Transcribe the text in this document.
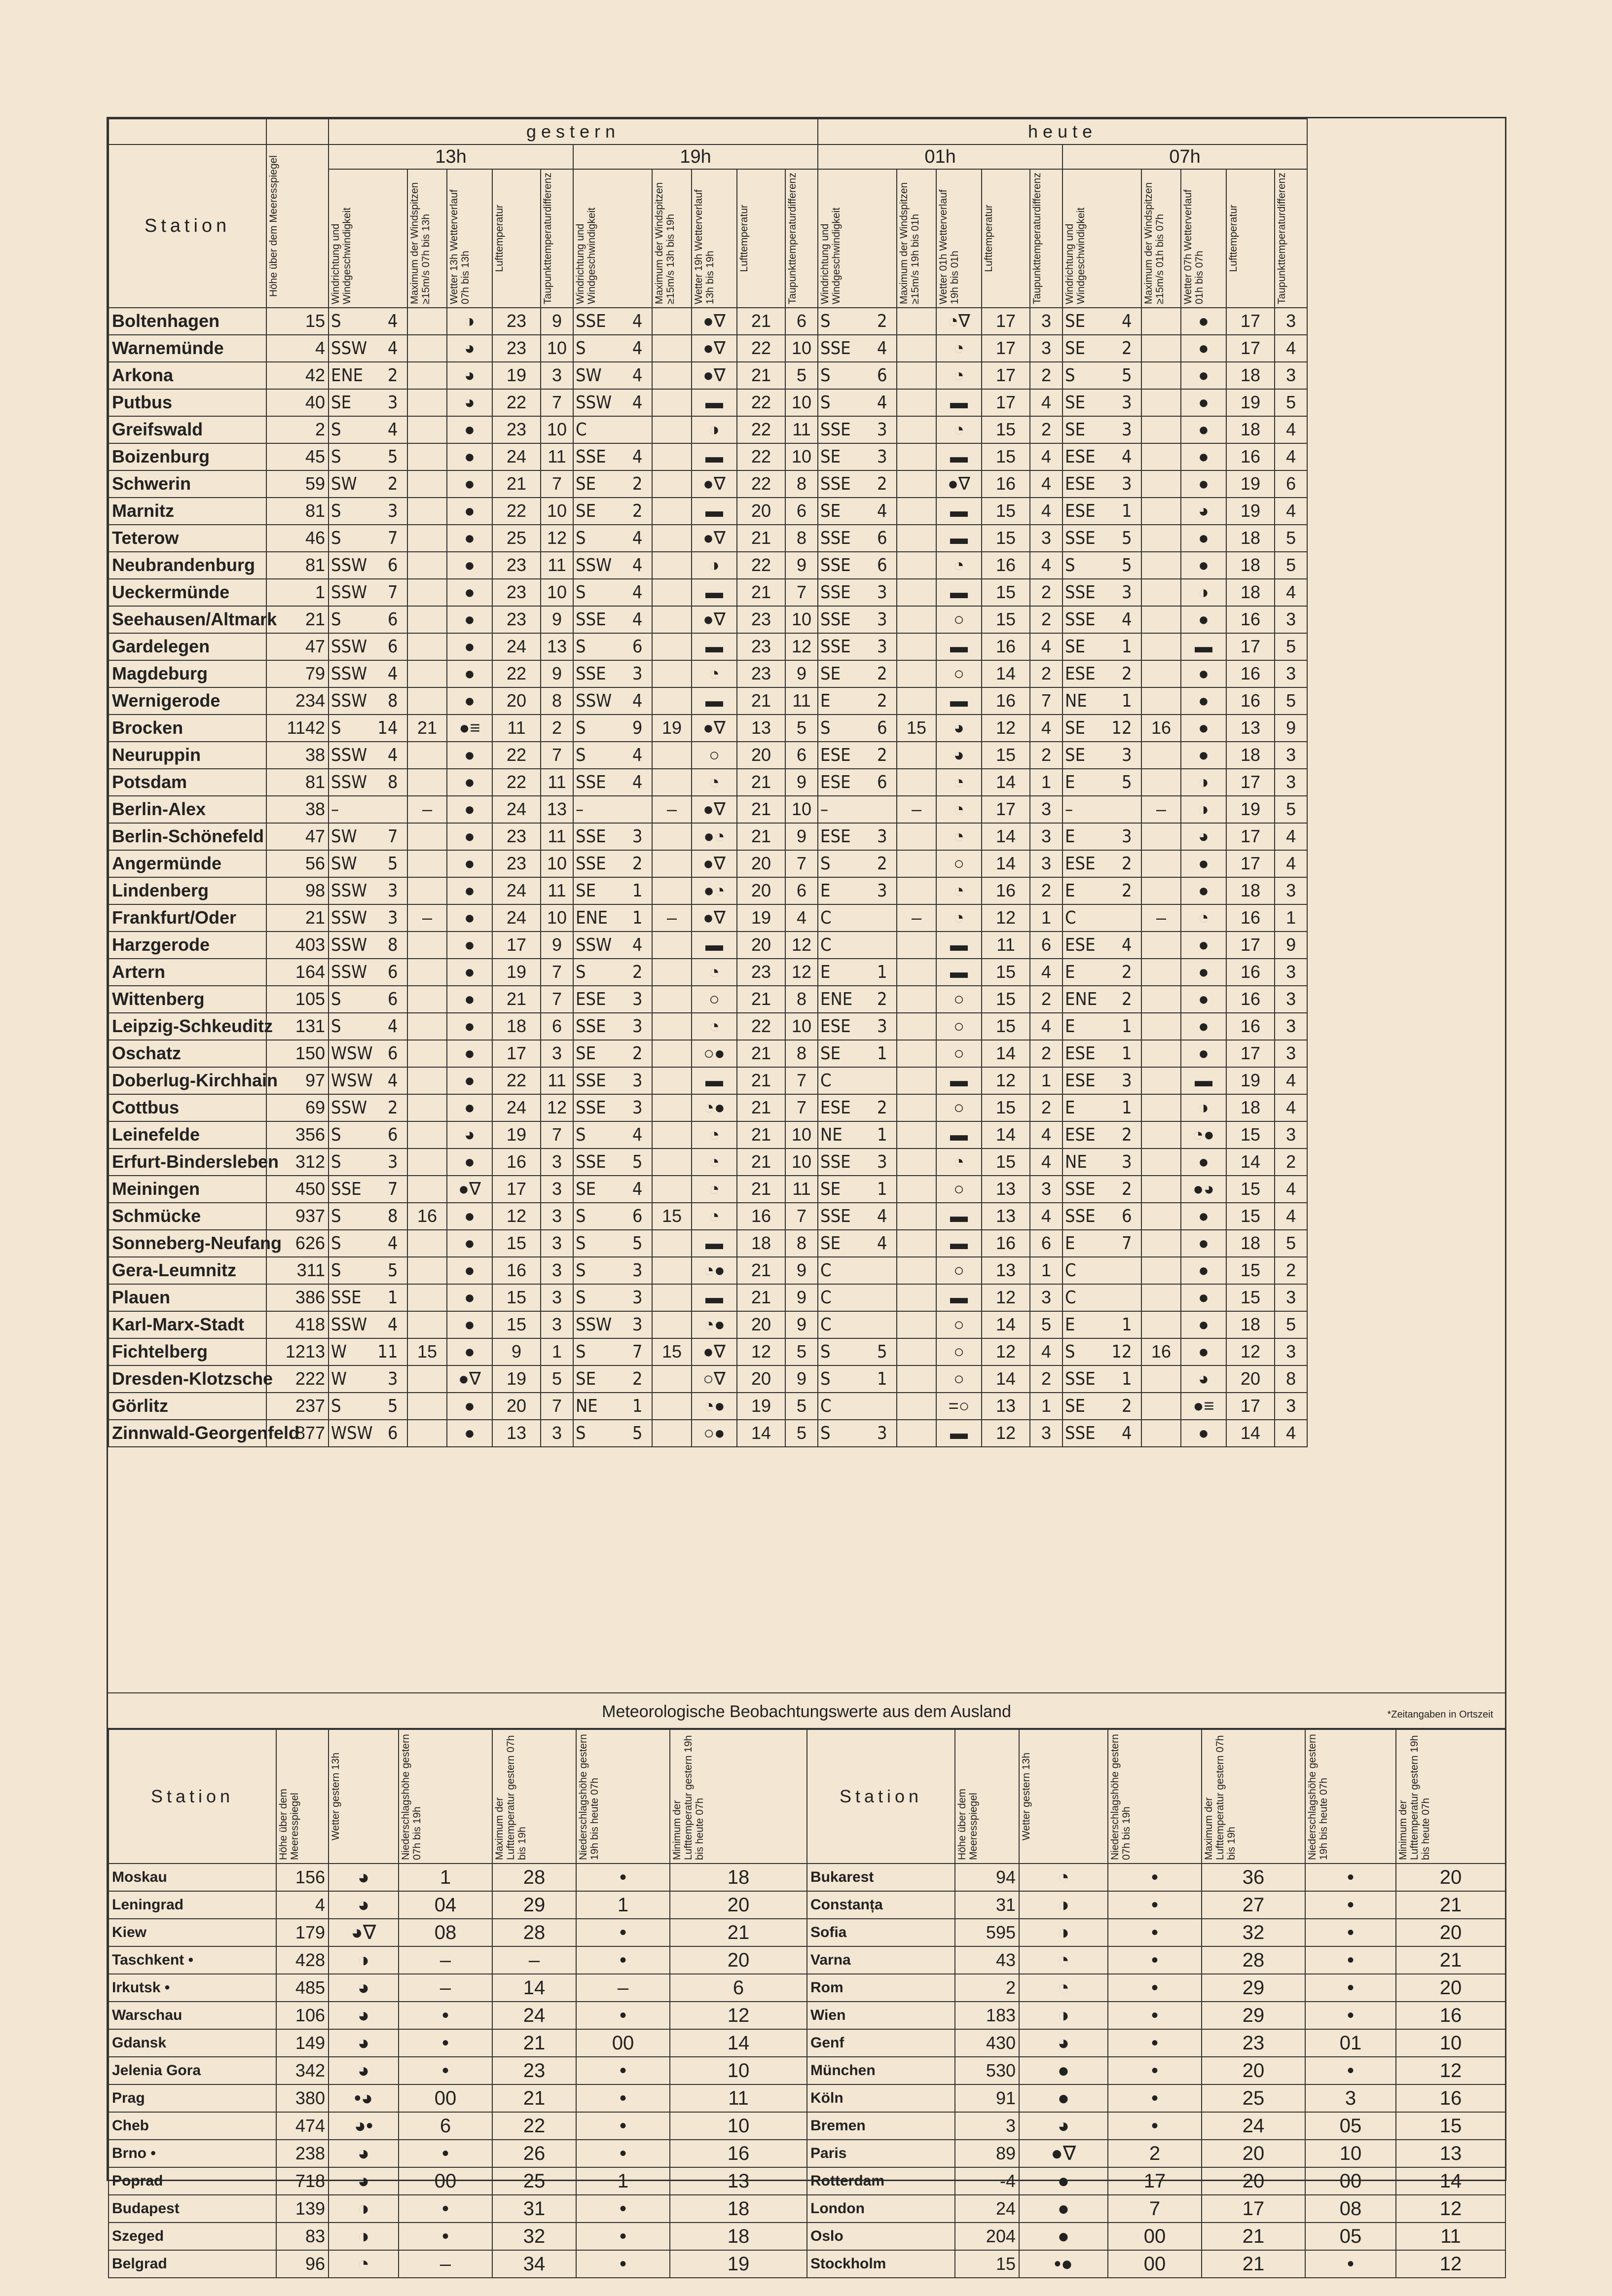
		gestern										heute									
Station	Höhe über dem Meeresspiegel	13h					19h					01h					07h				

		Windrichtung und Windgeschwindigkeit	Maximum der Windspitzen ≥15m/s 07h bis 13h	Wetter 13h Wetterverlauf 07h bis 13h	Lufttemperatur	Taupunkttemperaturdifferenz	Windrichtung und Windgeschwindigkeit	Maximum der Windspitzen ≥15m/s 13h bis 19h	Wetter 19h Wetterverlauf 13h bis 19h	Lufttemperatur	Taupunkttemperaturdifferenz	Windrichtung und Windgeschwindigkeit	Maximum der Windspitzen ≥15m/s 19h bis 01h	Wetter 01h Wetterverlauf 19h bis 01h	Lufttemperatur	Taupunkttemperaturdifferenz	Windrichtung und Windgeschwindigkeit	Maximum der Windspitzen ≥15m/s 01h bis 07h	Wetter 07h Wetterverlauf 01h bis 07h	Lufttemperatur	Taupunkttemperaturdifferenz

Boltenhagen	15	S 4		◑	23	9	SSE 4		●∇	21	6	S 2		◔∇	17	3	SE 4		●	17	3
Warnemünde	4	SSW 4		◕	23	10	S 4		●∇	22	10	SSE 4		◔	17	3	SE 2		●	17	4
Arkona	42	ENE 2		◕	19	3	SW 4		●∇	21	5	S 6		◔	17	2	S 5		●	18	3
Putbus	40	SE 3		◕	22	7	SSW 4		▬	22	10	S 4		▬	17	4	SE 3		●	19	5
Greifswald	2	S 4		●	23	10	C		◑	22	11	SSE 3		◔	15	2	SE 3		●	18	4
Boizenburg	45	S 5		●	24	11	SSE 4		▬	22	10	SE 3		▬	15	4	ESE 4		●	16	4
Schwerin	59	SW 2		●	21	7	SE 2		●∇	22	8	SSE 2		●∇	16	4	ESE 3		●	19	6
Marnitz	81	S 3		●	22	10	SE 2		▬	20	6	SE 4		▬	15	4	ESE 1		◕	19	4
Teterow	46	S 7		●	25	12	S 4		●∇	21	8	SSE 6		▬	15	3	SSE 5		●	18	5
Neubrandenburg	81	SSW 6		●	23	11	SSW 4		◑	22	9	SSE 6		◔	16	4	S 5		●	18	5
Ueckermünde	1	SSW 7		●	23	10	S 4		▬	21	7	SSE 3		▬	15	2	SSE 3		◑	18	4
Seehausen/Altmark	21	S 6		●	23	9	SSE 4		●∇	23	10	SSE 3		○	15	2	SSE 4		●	16	3
Gardelegen	47	SSW 6		●	24	13	S 6		▬	23	12	SSE 3		▬	16	4	SE 1		▬	17	5
Magdeburg	79	SSW 4		●	22	9	SSE 3		◔	23	9	SE 2		○	14	2	ESE 2		●	16	3
Wernigerode	234	SSW 8		●	20	8	SSW 4		▬	21	11	E 2		▬	16	7	NE 1		●	16	5
Brocken	1142	S 14	21	●≡	11	2	S 9	19	●∇	13	5	S 6	15	◕	12	4	SE 12	16	●	13	9
Neuruppin	38	SSW 4		●	22	7	S 4		○	20	6	ESE 2		◕	15	2	SE 3		●	18	3
Potsdam	81	SSW 8		●	22	11	SSE 4		◔	21	9	ESE 6		◔	14	1	E 5		◑	17	3
Berlin-Alex	38	–	–	●	24	13	–	–	●∇	21	10	–	–	◔	17	3	–	–	◑	19	5
Berlin-Schönefeld	47	SW 7		●	23	11	SSE 3		●◔	21	9	ESE 3		◔	14	3	E 3		◕	17	4
Angermünde	56	SW 5		●	23	10	SSE 2		●∇	20	7	S 2		○	14	3	ESE 2		●	17	4
Lindenberg	98	SSW 3		●	24	11	SE 1		●◔	20	6	E 3		◔	16	2	E 2		●	18	3
Frankfurt/Oder	21	SSW 3	–	●	24	10	ENE 1	–	●∇	19	4	C	–	◔	12	1	C	–	◔	16	1
Harzgerode	403	SSW 8		●	17	9	SSW 4		▬	20	12	C		▬	11	6	ESE 4		●	17	9
Artern	164	SSW 6		●	19	7	S 2		◔	23	12	E 1		▬	15	4	E 2		●	16	3
Wittenberg	105	S 6		●	21	7	ESE 3		○	21	8	ENE 2		○	15	2	ENE 2		●	16	3
Leipzig-Schkeuditz	131	S 4		●	18	6	SSE 3		◔	22	10	ESE 3		○	15	4	E 1		●	16	3
Oschatz	150	WSW 6		●	17	3	SE 2		○●	21	8	SE 1		○	14	2	ESE 1		●	17	3
Doberlug-Kirchhain	97	WSW 4		●	22	11	SSE 3		▬	21	7	C		▬	12	1	ESE 3		▬	19	4
Cottbus	69	SSW 2		●	24	12	SSE 3		◔●	21	7	ESE 2		○	15	2	E 1		◑	18	4
Leinefelde	356	S 6		◕	19	7	S 4		◔	21	10	NE 1		▬	14	4	ESE 2		◔●	15	3
Erfurt-Bindersleben	312	S 3		●	16	3	SSE 5		◔	21	10	SSE 3		◔	15	4	NE 3		●	14	2
Meiningen	450	SSE 7		●∇	17	3	SE 4		◔	21	11	SE 1		○	13	3	SSE 2		●◕	15	4
Schmücke	937	S 8	16	●	12	3	S 6	15	◔	16	7	SSE 4		▬	13	4	SSE 6		●	15	4
Sonneberg-Neufang	626	S 4		●	15	3	S 5		▬	18	8	SE 4		▬	16	6	E 7		●	18	5
Gera-Leumnitz	311	S 5		●	16	3	S 3		◔●	21	9	C		○	13	1	C		●	15	2
Plauen	386	SSE 1		●	15	3	S 3		▬	21	9	C		▬	12	3	C		●	15	3
Karl-Marx-Stadt	418	SSW 4		●	15	3	SSW 3		◔●	20	9	C		○	14	5	E 1		●	18	5
Fichtelberg	1213	W 11	15	●	9	1	S 7	15	●∇	12	5	S 5		○	12	4	S 12	16	●	12	3
Dresden-Klotzsche	222	W 3		●∇	19	5	SE 2		○∇	20	9	S 1		○	14	2	SSE 1		◕	20	8
Görlitz	237	S 5		●	20	7	NE 1		◔●	19	5	C		=○	13	1	SE 2		●≡	17	3
Zinnwald-Georgenfeld	877	WSW 6		●	13	3	S 5		○●	14	5	S 3		▬	12	3	SSE 4		●	14	4
Meteorologische Beobachtungswerte aus dem Ausland	*Zeitangaben in Ortszeit
Station	Höhe über dem Meeresspiegel	Wetter gestern 13h	Niederschlagshöhe gestern 07h bis 19h	Maximum der Lufttemperatur gestern 07h bis 19h	Niederschlagshöhe gestern 19h bis heute 07h	Minimum der Lufttemperatur gestern 19h bis heute 07h

Moskau	156	◕	1	28	•	18
Leningrad	4	◕	04	29	1	20
Kiew	179	◕∇	08	28	•	21
Taschkent •	428	◑	–	–	•	20
Irkutsk •	485	◕	–	14	–	6
Warschau	106	◕	•	24	•	12
Gdansk	149	◕	•	21	00	14
Jelenia Gora	342	◕	•	23	•	10
Prag	380	•◕	00	21	•	11
Cheb	474	◕•	6	22	•	10
Brno •	238	◕	•	26	•	16
Poprad	718	◕	00	25	1	13
Budapest	139	◑	•	31	•	18
Szeged	83	◑	•	32	•	18
Belgrad	96	◔	–	34	•	19
Station	Höhe über dem Meeresspiegel	Wetter gestern 13h	Niederschlagshöhe gestern 07h bis 19h	Maximum der Lufttemperatur gestern 07h bis 19h	Niederschlagshöhe gestern 19h bis heute 07h	Minimum der Lufttemperatur gestern 19h bis heute 07h

Bukarest	94	◔	•	36	•	20
Constanța	31	◑	•	27	•	21
Sofia	595	◑	•	32	•	20
Varna	43	◔	•	28	•	21
Rom	2	◔	•	29	•	20
Wien	183	◑	•	29	•	16
Genf	430	◕	•	23	01	10
München	530	●	•	20	•	12
Köln	91	●	•	25	3	16
Bremen	3	◕	•	24	05	15
Paris	89	●∇	2	20	10	13
Rotterdam	-4	●	17	20	00	14
London	24	●	7	17	08	12
Oslo	204	●	00	21	05	11
Stockholm	15	•●	00	21	•	12
